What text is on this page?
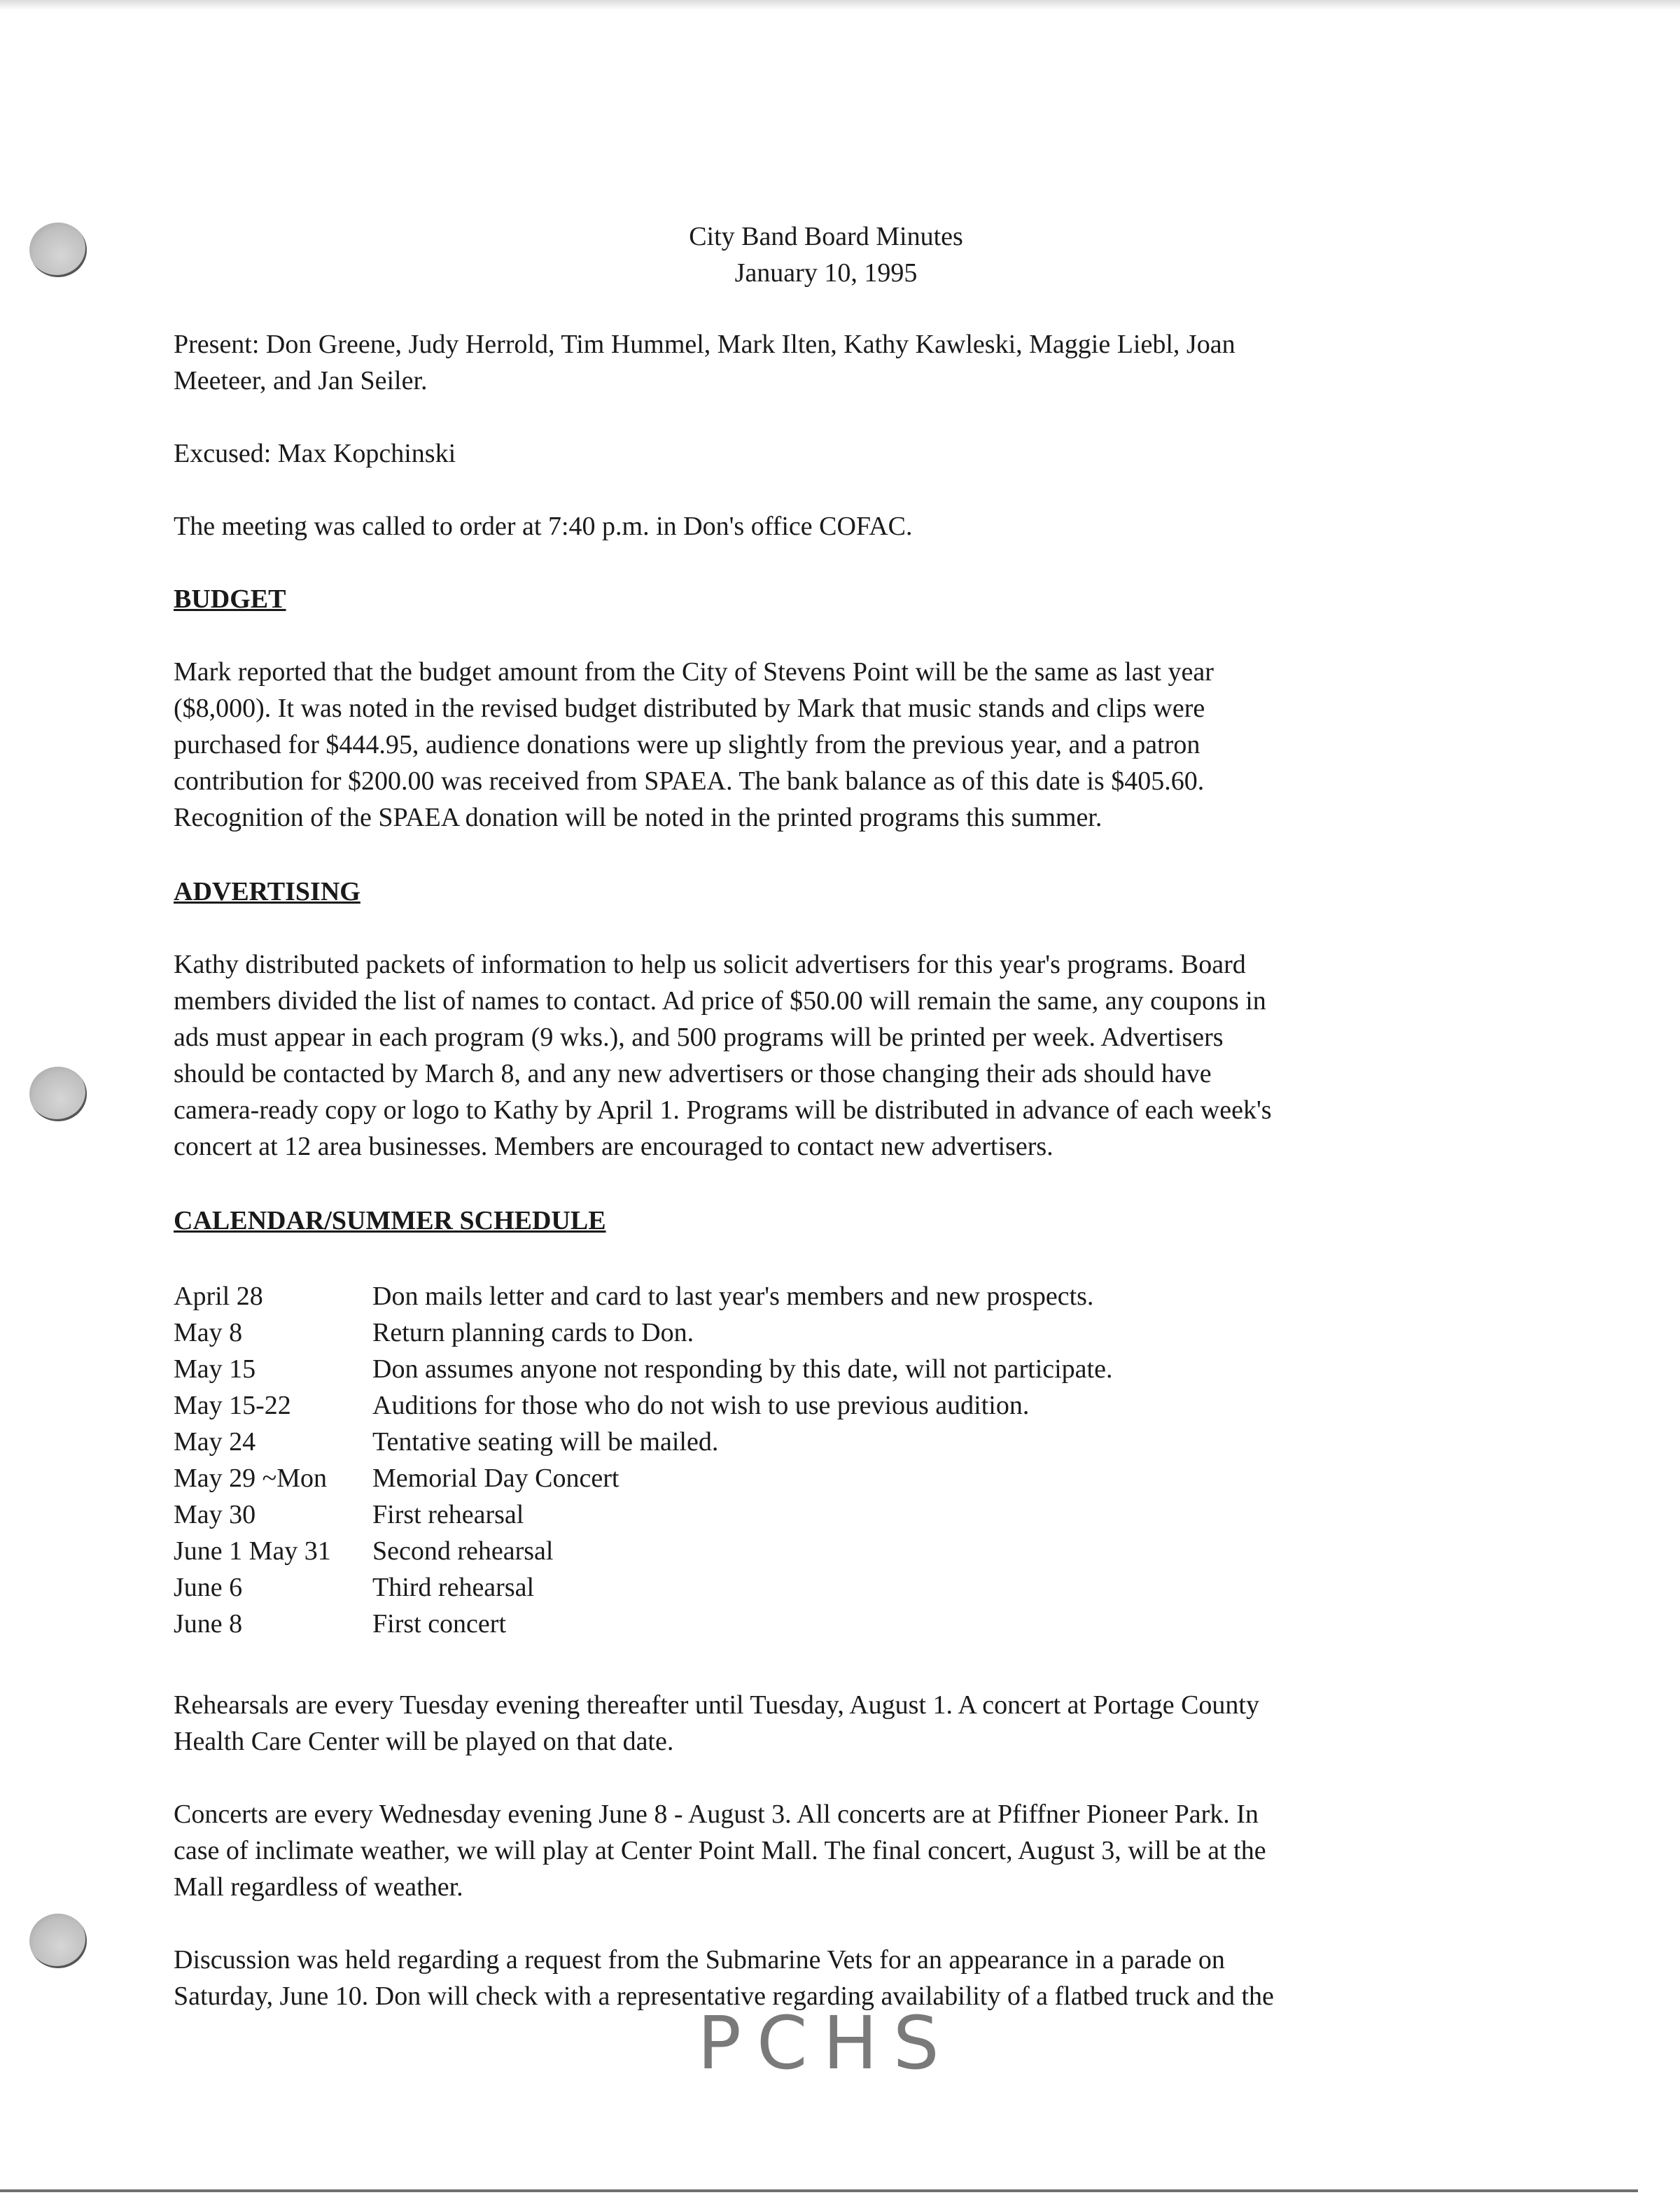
City Band Board Minutes
January 10, 1995

Present: Don Greene, Judy Herrold, Tim Hummel, Mark Ilten, Kathy Kawleski, Maggie Liebl, Joan

Meeteer, and Jan Seiler.

Excused: Max Kopchinski

The meeting was called to order at 7:40 p.m. in Don's office COFAC.

BUDGET

Mark reported that the budget amount from the City of Stevens Point will be the same as last year

($8,000). It was noted in the revised budget distributed by Mark that music stands and clips were

purchased for $444.95, audience donations were up slightly from the previous year, and a patron

contribution for $200.00 was received from SPAEA. The bank balance as of this date is $405.60.

Recognition of the SPAEA donation will be noted in the printed programs this summer.

ADVERTISING

Kathy distributed packets of information to help us solicit advertisers for this year's programs. Board

members divided the list of names to contact. Ad price of $50.00 will remain the same, any coupons in

ads must appear in each program (9 wks.), and 500 programs will be printed per week. Advertisers

should be contacted by March 8, and any new advertisers or those changing their ads should have

camera-ready copy or logo to Kathy by April 1. Programs will be distributed in advance of each week's

concert at 12 area businesses. Members are encouraged to contact new advertisers.

CALENDAR/SUMMER SCHEDULE
April 28	Don mails letter and card to last year's members and new prospects.
May 8	Return planning cards to Don.
May 15	Don assumes anyone not responding by this date, will not participate.
May 15-22	Auditions for those who do not wish to use previous audition.
May 24	Tentative seating will be mailed.
May 29 ~Mon	Memorial Day Concert
May 30	First rehearsal
June 1 May 31	Second rehearsal
June 6	Third rehearsal
June 8	First concert

Rehearsals are every Tuesday evening thereafter until Tuesday, August 1. A concert at Portage County

Health Care Center will be played on that date.

Concerts are every Wednesday evening June 8 - August 3. All concerts are at Pfiffner Pioneer Park. In

case of inclimate weather, we will play at Center Point Mall. The final concert, August 3, will be at the

Mall regardless of weather.

Discussion was held regarding a request from the Submarine Vets for an appearance in a parade on

Saturday, June 10. Don will check with a representative regarding availability of a flatbed truck and the

PCHS
